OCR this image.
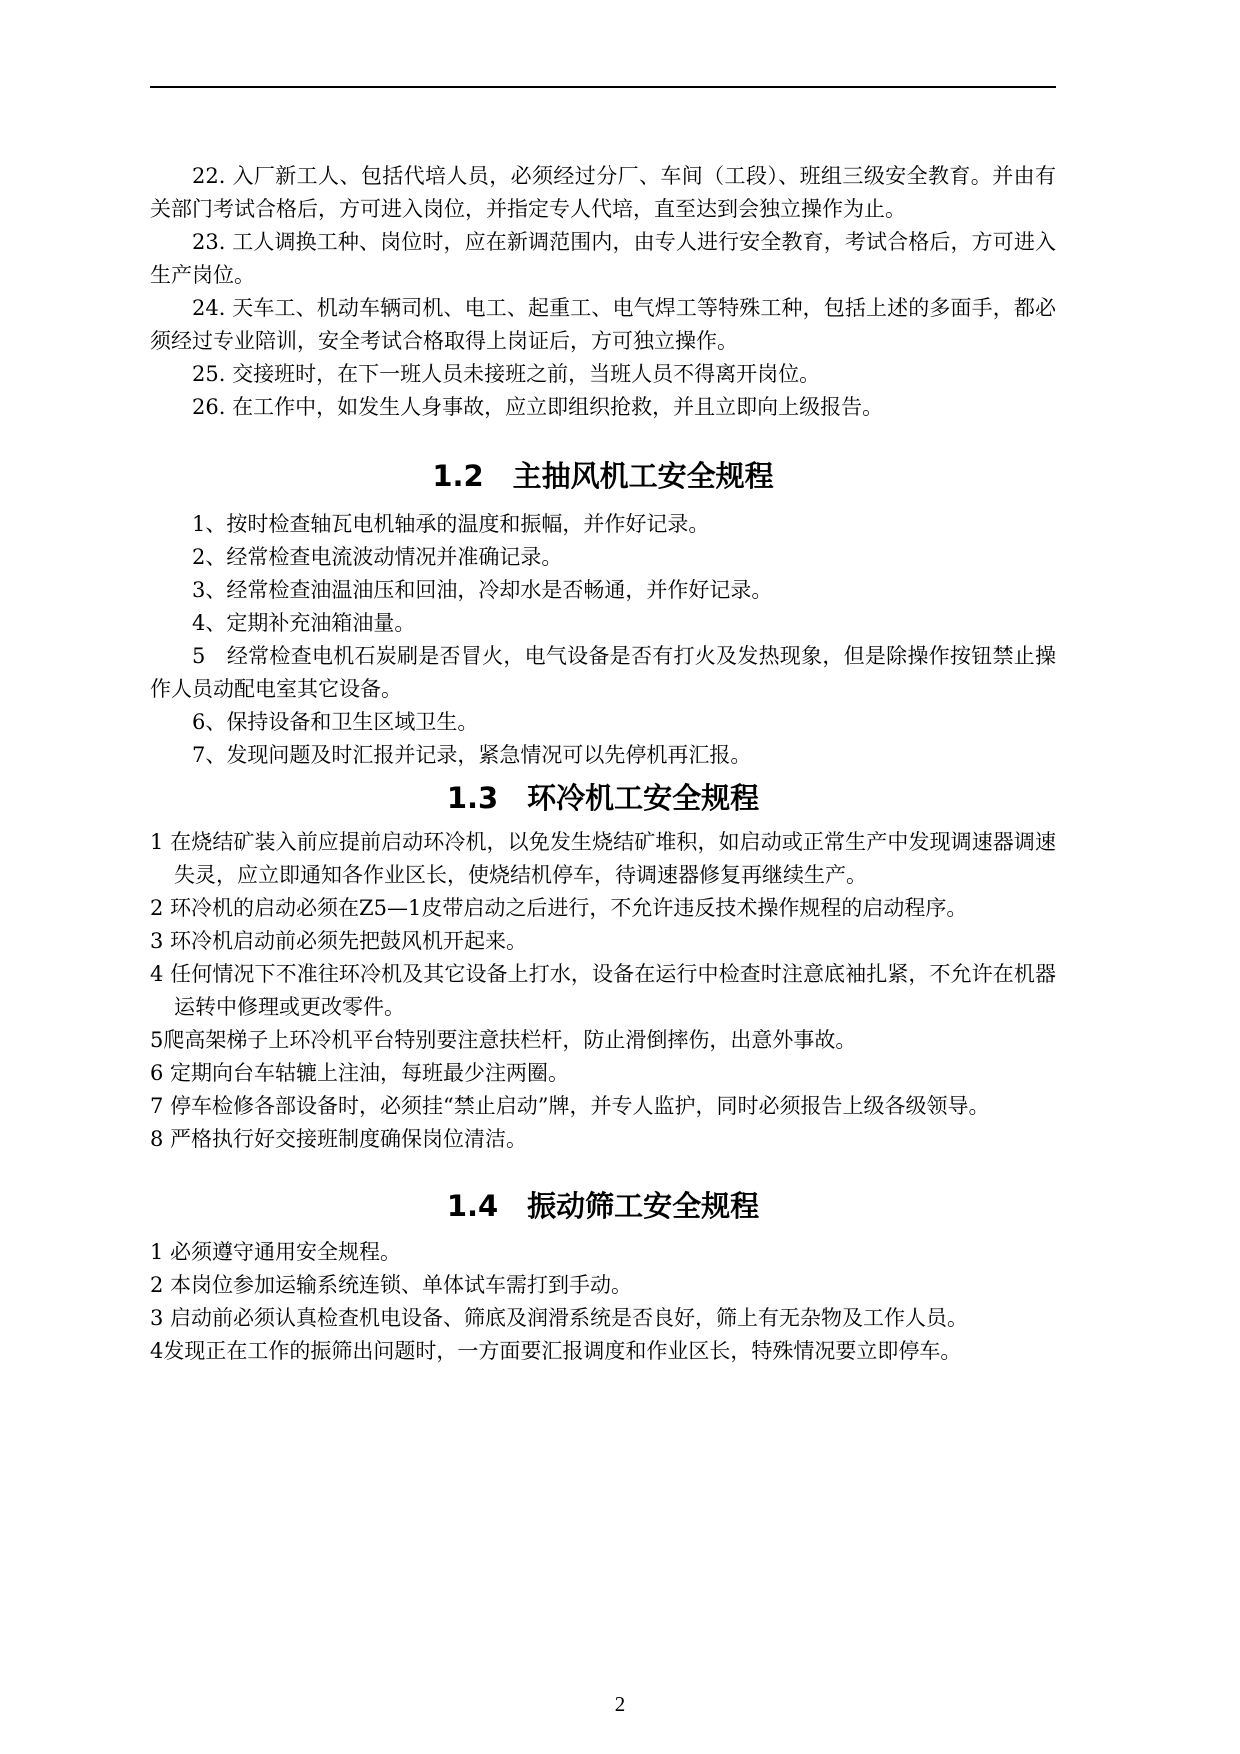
22. 入厂新工人、包括代培人员，必须经过分厂、车间（工段）、班组三级安全教育。并由有关部门考试合格后，方可进入岗位，并指定专人代培，直至达到会独立操作为止。

23. 工人调换工种、岗位时，应在新调范围内，由专人进行安全教育，考试合格后，方可进入生产岗位。

24. 天车工、机动车辆司机、电工、起重工、电气焊工等特殊工种，包括上述的多面手，都必须经过专业陪训，安全考试合格取得上岗证后，方可独立操作。

25. 交接班时，在下一班人员未接班之前，当班人员不得离开岗位。

26. 在工作中，如发生人身事故，应立即组织抢救，并且立即向上级报告。

1.2　主抽风机工安全规程

1、按时检查轴瓦电机轴承的温度和振幅，并作好记录。

2、经常检查电流波动情况并准确记录。

3、经常检查油温油压和回油，冷却水是否畅通，并作好记录。

4、定期补充油箱油量。

5　经常检查电机石炭刷是否冒火，电气设备是否有打火及发热现象，但是除操作按钮禁止操作人员动配电室其它设备。

6、保持设备和卫生区域卫生。

7、发现问题及时汇报并记录，紧急情况可以先停机再汇报。

1.3　环冷机工安全规程

1 在烧结矿装入前应提前启动环冷机，以免发生烧结矿堆积，如启动或正常生产中发现调速器调速失灵，应立即通知各作业区长，使烧结机停车，待调速器修复再继续生产。

2 环冷机的启动必须在Z5—1皮带启动之后进行，不允许违反技术操作规程的启动程序。

3 环冷机启动前必须先把鼓风机开起来。

4 任何情况下不准往环冷机及其它设备上打水，设备在运行中检查时注意底袖扎紧，不允许在机器运转中修理或更改零件。

5爬高架梯子上环冷机平台特别要注意扶栏杆，防止滑倒摔伤，出意外事故。

6 定期向台车轱辘上注油，每班最少注两圈。

7 停车检修各部设备时，必须挂“禁止启动”牌，并专人监护，同时必须报告上级各级领导。

8 严格执行好交接班制度确保岗位清洁。

1.4　振动筛工安全规程

1 必须遵守通用安全规程。

2 本岗位参加运输系统连锁、单体试车需打到手动。

3 启动前必须认真检查机电设备、筛底及润滑系统是否良好，筛上有无杂物及工作人员。

4发现正在工作的振筛出问题时，一方面要汇报调度和作业区长，特殊情况要立即停车。

2
